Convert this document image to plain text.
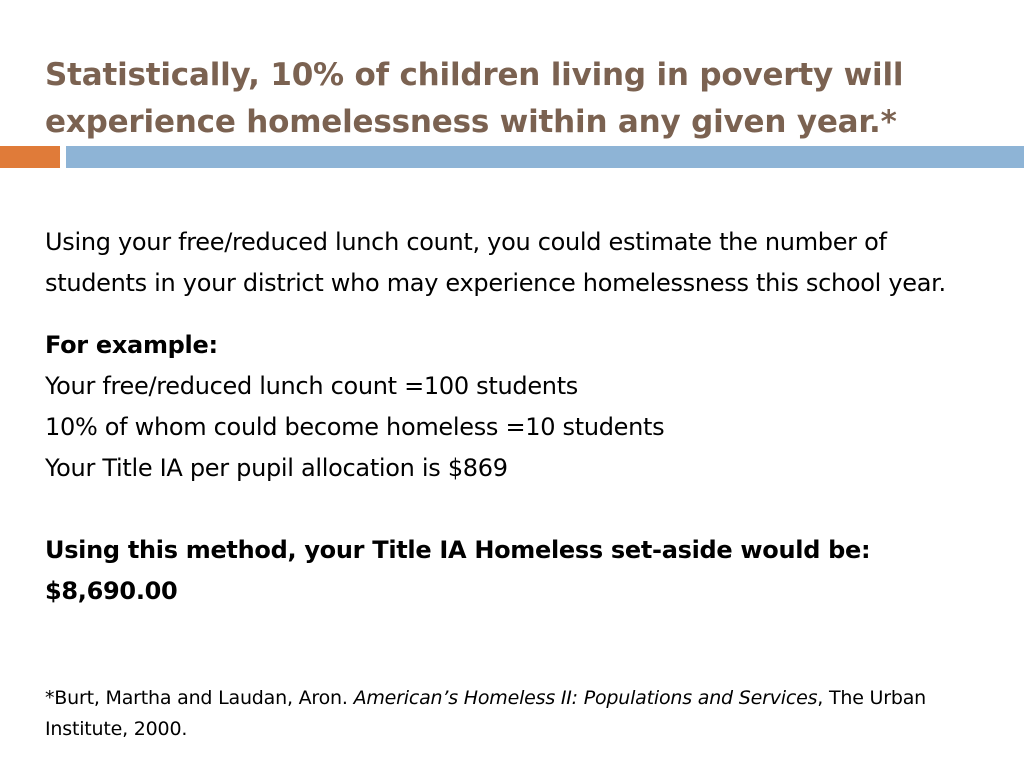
Statistically, 10% of children living in poverty will experience homelessness within any given year.*

Using your free/reduced lunch count, you could estimate the number of students in your district who may experience homelessness this school year.

For example:

Your free/reduced lunch count =100 students

10% of whom could become homeless =10 students

Your Title IA per pupil allocation is $869

Using this method, your Title IA Homeless set-aside would be:

$8,690.00

*Burt, Martha and Laudan, Aron. American’s Homeless II: Populations and Services, The Urban Institute, 2000.
